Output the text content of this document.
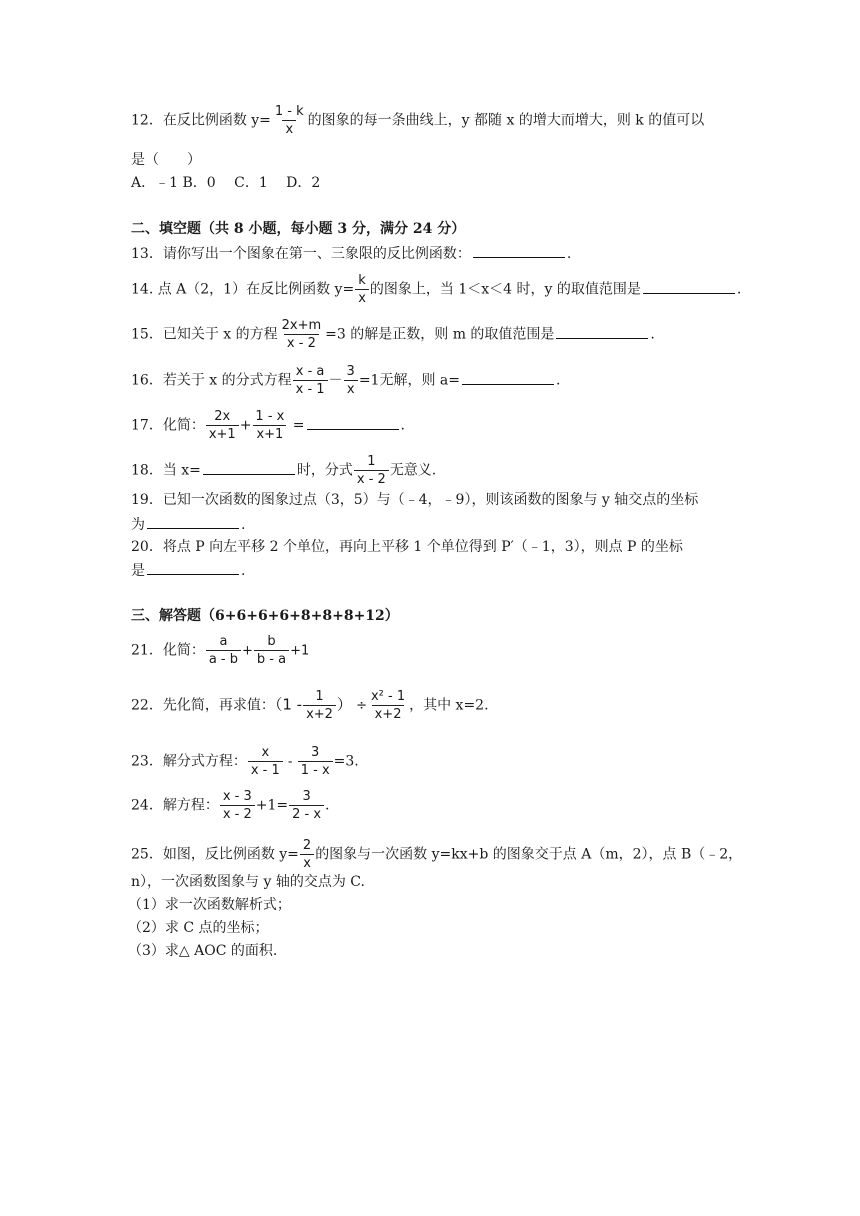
12．在反比例函数 $y= \frac{1 - k}{x}$ 的图象的每一条曲线上，y 都随 x 的增大而增大，则 k 的值可以
是（　　）
A．﹣1 B．0 　C．1 　D．2
二、填空题（共 8 小题，每小题 3 分，满分 24 分）
13．请你写出一个图象在第一、三象限的反比例函数：	.
14. 点 A（2，1）在反比例函数 $y= \frac{k}{x}$ 的图象上，当 1＜x＜4 时，y 的取值范围是	.
15．已知关于 x 的方程 $\frac{2x+m}{x - 2} =3$ 的解是正数，则 m 的取值范围是	.
16．若关于 x 的分式方程 $\frac{x - a}{x - 1} - \frac{3}{x} =1$无解，则 a=	.
17．化简： $\frac{2x}{x+1} + \frac{1 - x}{x+1}$ =	.
18．当 x=	时，分式 $\frac{1}{x - 2}$ 无意义.
19．已知一次函数的图象过点（3，5）与（﹣4，﹣9），则该函数的图象与 y 轴交点的坐标
为	.
20．将点 P 向左平移 2 个单位，再向上平移 1 个单位得到 P′（﹣1，3），则点 P 的坐标
是	.
三、解答题（6+6+6+6+8+8+8+12）
21．化简： $\frac{a}{a - b} + \frac{b}{b - a} +1$
22．先化简，再求值：（$1 - \frac{1}{x+2}$ ） ÷ $\frac{\text{x² - 1}}{x+2}$ ，其中 x=2.
23．解分式方程： $\frac{x}{x - 1} - \frac{3}{1 - x} =3$.
24．解方程： $\frac{x - 3}{x - 2} +1= \frac{3}{2 - x}$ .
25．如图，反比例函数 $y= \frac{2}{x}$ 的图象与一次函数 y=kx+b 的图象交于点 A（m，2），点 B（﹣2，
n），一次函数图象与 y 轴的交点为 C.
（1）求一次函数解析式；
（2）求 C 点的坐标；
（3）求△ AOC 的面积.
